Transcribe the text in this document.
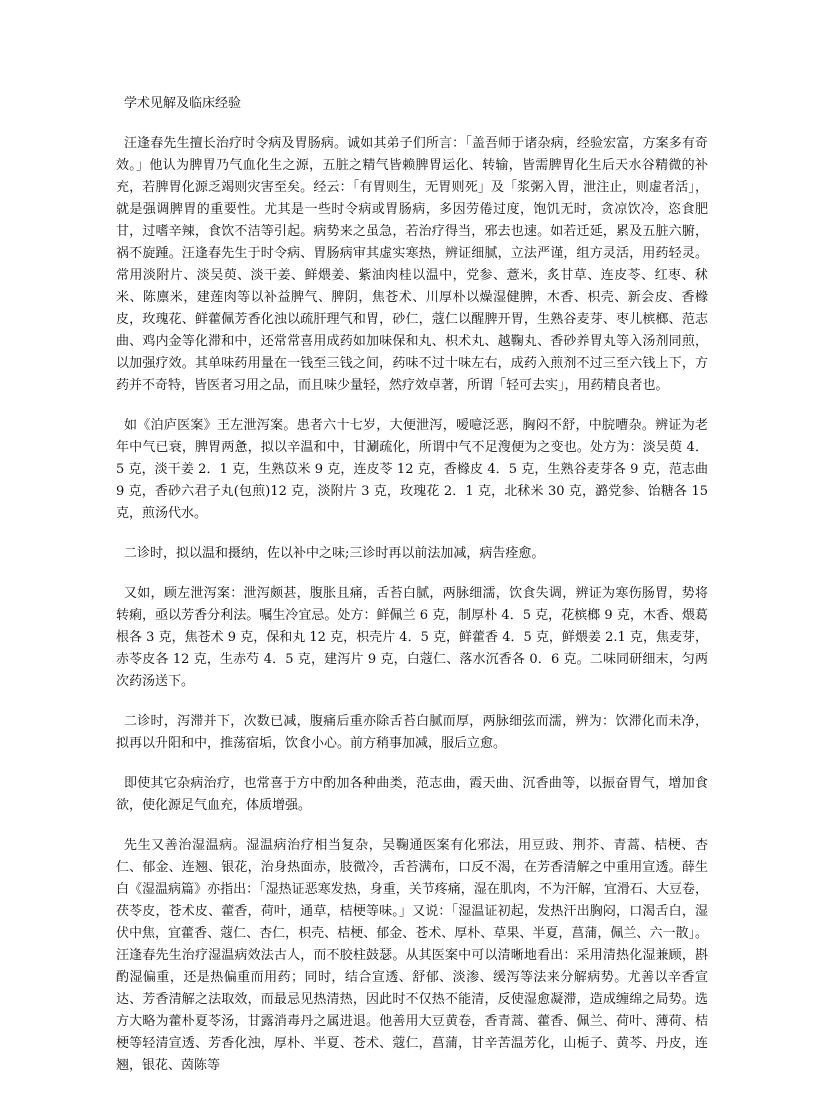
学术见解及临床经验

汪逢春先生擅长治疗时令病及胃肠病。诚如其弟子们所言：「盖吾师于诸杂病，经验宏富，方案多有奇效。」他认为脾胃乃气血化生之源，五脏之精气皆赖脾胃运化、转输，皆需脾胃化生后天水谷精微的补充，若脾胃化源乏竭则灾害至矣。经云：「有胃则生，无胃则死」及「浆粥入胃，泄注止，则虚者活」，就是强调脾胃的重要性。尤其是一些时令病或胃肠病，多因劳倦过度，饱饥无时，贪凉饮冷，恣食肥甘，过嗜辛辣，食饮不洁等引起。病势来之虽急，若治疗得当，邪去也速。如若迁延，累及五脏六腑，祸不旋踵。汪逢春先生于时令病、胃肠病审其虚实寒热，辨证细腻，立法严谨，组方灵活，用药轻灵。常用淡附片、淡吴萸、淡干姜、鲜煨姜、紫油肉桂以温中，党参、薏米，炙甘草、连皮苓、红枣、秫米、陈廪米，建莲肉等以补益脾气、脾阴，焦苍术、川厚朴以燥湿健脾，木香、枳壳、新会皮、香橼皮，玫瑰花、鲜藿佩芳香化浊以疏肝理气和胃，砂仁，蔻仁以醒脾开胃，生熟谷麦芽、枣儿槟榔、范志曲、鸡内金等化滞和中，还常常喜用成药如加味保和丸、枳术丸、越鞠丸、香砂养胃丸等入汤剂同煎，以加强疗效。其单味药用量在一钱至三钱之间，药味不过十味左右，成药入煎剂不过三至六钱上下，方药并不奇特，皆医者习用之品，而且味少量轻，然疗效卓著，所谓「轻可去实」，用药精良者也。

如《泊庐医案》王左泄泻案。患者六十七岁，大便泄泻，嗳噫泛恶，胸闷不舒，中脘嘈杂。辨证为老年中气已衰，脾胃两惫，拟以辛温和中，甘涮疏化，所谓中气不足溲便为之变也。处方为：淡吴萸 4．5 克，淡干姜 2．1 克，生熟苡米 9 克，连皮苓 12 克，香橼皮 4．5 克，生熟谷麦芽各 9 克，范志曲 9 克，香砂六君子丸(包煎)12 克，淡附片 3 克，玫瑰花 2．1 克，北秫米 30 克，潞党参、饴糖各 15 克，煎汤代水。

二诊时，拟以温和摄纳，佐以补中之味;三诊时再以前法加减，病告痊愈。

又如，顾左泄泻案：泄泻颇甚，腹胀且痛，舌苔白腻，两脉细濡，饮食失调，辨证为寒伤肠胃，势将转痢，亟以芳香分利法。嘱生冷宜忌。处方：鲜佩兰 6 克，制厚朴 4．5 克，花槟榔 9 克，木香、煨葛根各 3 克，焦苍术 9 克，保和丸 12 克，枳壳片 4．5 克，鲜藿香 4．5 克，鲜煨姜 2.1 克，焦麦芽，赤苓皮各 12 克，生赤芍 4．5 克，建泻片 9 克，白蔻仁、落水沉香各 0．6 克。二味同研细末，匀两次药汤送下。

二诊时，泻滞并下，次数已减，腹痛后重亦除舌苔白腻而厚，两脉细弦而濡，辨为：饮滞化而未净，拟再以升阳和中，推荡宿垢，饮食小心。前方稍事加减，服后立愈。

即使其它杂病治疗，也常喜于方中酌加各种曲类，范志曲，霞天曲、沉香曲等，以振奋胃气，增加食欲，使化源足气血充，体质增强。

先生又善治湿温病。湿温病治疗相当复杂，吴鞠通医案有化邪法，用豆豉、荆芥、青蒿、桔梗、杏仁、郁金、连翘、银花，治身热面赤，肢微冷，舌苔满布，口反不渴，在芳香清解之中重用宣透。薛生白《湿温病篇》亦指出：「湿热证恶寒发热，身重，关节疼痛，湿在肌肉，不为汗解，宜滑石、大豆卷，茯苓皮，苍术皮、藿香，荷叶，通草，桔梗等味。」又说：「湿温证初起，发热汗出胸闷，口渴舌白，湿伏中焦，宜藿香、蔻仁、杏仁，枳壳、桔梗、郁金、苍术、厚朴、草果、半夏，菖蒲，佩兰、六一散」。汪逢春先生治疗湿温病效法古人，而不胶柱鼓瑟。从其医案中可以清晰地看出：采用清热化湿兼顾，斟酌湿偏重，还是热偏重而用药；同时，结合宣透、舒郁、淡渗、缓泻等法来分解病势。尤善以辛香宣达、芳香清解之法取效，而最忌见热清热，因此时不仅热不能清，反使湿愈凝滞，造成缠绵之局势。选方大略为藿朴夏苓汤，甘露消毒丹之属进退。他善用大豆黄卷，香青蒿、藿香、佩兰、荷叶、薄荷、桔梗等轻清宣透、芳香化浊，厚朴、半夏、苍术、蔻仁，菖蒲，甘辛苦温芳化，山栀子、黄芩、丹皮，连翘，银花、茵陈等
